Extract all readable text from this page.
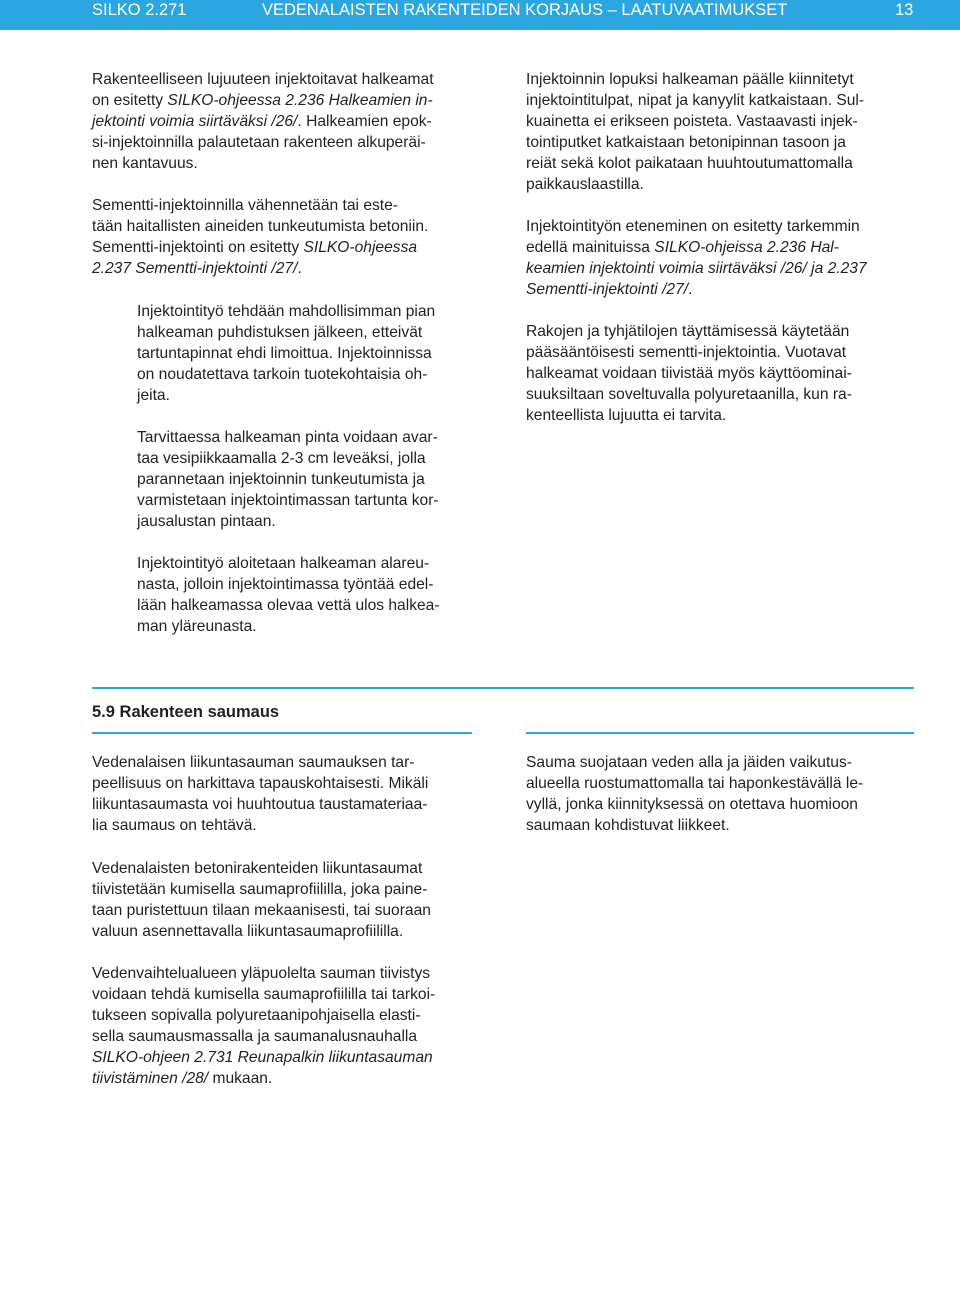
SILKO 2.271	VEDENALAISTEN RAKENTEIDEN KORJAUS – LAATUVAATIMUKSET	13

Rakenteelliseen lujuuteen injektoitavat halkeamat
on esitetty SILKO-ohjeessa 2.236 Halkeamien in-
jektointi voimia siirtäväksi /26/. Halkeamien epok-
si-injektoinnilla palautetaan rakenteen alkuperäi-
nen kantavuus.

Sementti-injektoinnilla vähennetään tai este-
tään haitallisten aineiden tunkeutumista betoniin.
Sementti-injektointi on esitetty SILKO-ohjeessa
2.237 Sementti-injektointi /27/.

Injektointityö tehdään mahdollisimman pian
halkeaman puhdistuksen jälkeen, etteivät
tartuntapinnat ehdi limoittua. Injektoinnissa
on noudatettava tarkoin tuotekohtaisia oh-
jeita.

Tarvittaessa halkeaman pinta voidaan avar-
taa vesipiikkaamalla 2-3 cm leveäksi, jolla
parannetaan injektoinnin tunkeutumista ja
varmistetaan injektointimassan tartunta kor-
jausalustan pintaan.

Injektointityö aloitetaan halkeaman alareu-
nasta, jolloin injektointimassa työntää edel-
lään halkeamassa olevaa vettä ulos halkea-
man yläreunasta.

Injektoinnin lopuksi halkeaman päälle kiinnitetyt
injektointitulpat, nipat ja kanyylit katkaistaan. Sul-
kuainetta ei erikseen poisteta. Vastaavasti injek-
tointiputket katkaistaan betonipinnan tasoon ja
reiät sekä kolot paikataan huuhtoutumattomalla
paikkauslaastilla.

Injektointityön eteneminen on esitetty tarkemmin
edellä mainituissa SILKO-ohjeissa 2.236 Hal-
keamien injektointi voimia siirtäväksi /26/ ja 2.237
Sementti-injektointi /27/.

Rakojen ja tyhjätilojen täyttämisessä käytetään
pääsääntöisesti sementti-injektointia. Vuotavat
halkeamat voidaan tiivistää myös käyttöominai-
suuksiltaan soveltuvalla polyuretaanilla, kun ra-
kenteellista lujuutta ei tarvita.

5.9 Rakenteen saumaus

Vedenalaisen liikuntasauman saumauksen tar-
peellisuus on harkittava tapauskohtaisesti. Mikäli
liikuntasaumasta voi huuhtoutua taustamateriaa-
lia saumaus on tehtävä.

Vedenalaisten betonirakenteiden liikuntasaumat
tiivistetään kumisella saumaprofiililla, joka paine-
taan puristettuun tilaan mekaanisesti, tai suoraan
valuun asennettavalla liikuntasaumaprofiililla.

Vedenvaihtelualueen yläpuolelta sauman tiivistys
voidaan tehdä kumisella saumaprofiililla tai tarkoi-
tukseen sopivalla polyuretaanipohjaisella elasti-
sella saumausmassalla ja saumanalusnauhalla
SILKO-ohjeen 2.731 Reunapalkin liikuntasauman
tiivistäminen /28/ mukaan.

Sauma suojataan veden alla ja jäiden vaikutus-
alueella ruostumattomalla tai haponkestävällä le-
vyllä, jonka kiinnityksessä on otettava huomioon
saumaan kohdistuvat liikkeet.
